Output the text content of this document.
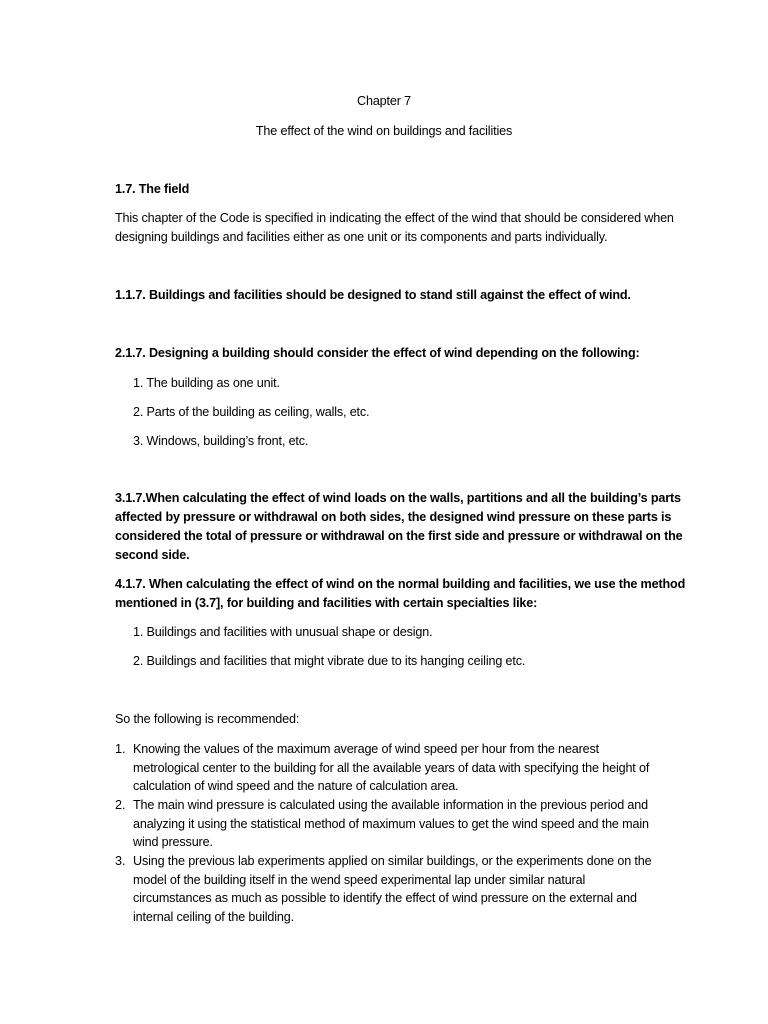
Chapter 7
The effect of the wind on buildings and facilities
1.7. The field
This chapter of the Code is specified in indicating the effect of the wind that should be considered when
designing buildings and facilities either as one unit or its components and parts individually.
1.1.7. Buildings and facilities should be designed to stand still against the effect of wind.
2.1.7. Designing a building should consider the effect of wind depending on the following:
1. The building as one unit.
2. Parts of the building as ceiling, walls, etc.
3. Windows, building’s front, etc.
3.1.7.When calculating the effect of wind loads on the walls, partitions and all the building’s parts
affected by pressure or withdrawal on both sides, the designed wind pressure on these parts is
considered the total of pressure or withdrawal on the first side and pressure or withdrawal on the
second side.
4.1.7. When calculating the effect of wind on the normal building and facilities, we use the method
mentioned in (3.7], for building and facilities with certain specialties like:
1. Buildings and facilities with unusual shape or design.
2. Buildings and facilities that might vibrate due to its hanging ceiling etc.
So the following is recommended:
1. Knowing the values of the maximum average of wind speed per hour from the nearest
metrological center to the building for all the available years of data with specifying the height of
calculation of wind speed and the nature of calculation area.
2. The main wind pressure is calculated using the available information in the previous period and
analyzing it using the statistical method of maximum values to get the wind speed and the main
wind pressure.
3. Using the previous lab experiments applied on similar buildings, or the experiments done on the
model of the building itself in the wend speed experimental lap under similar natural
circumstances as much as possible to identify the effect of wind pressure on the external and
internal ceiling of the building.
